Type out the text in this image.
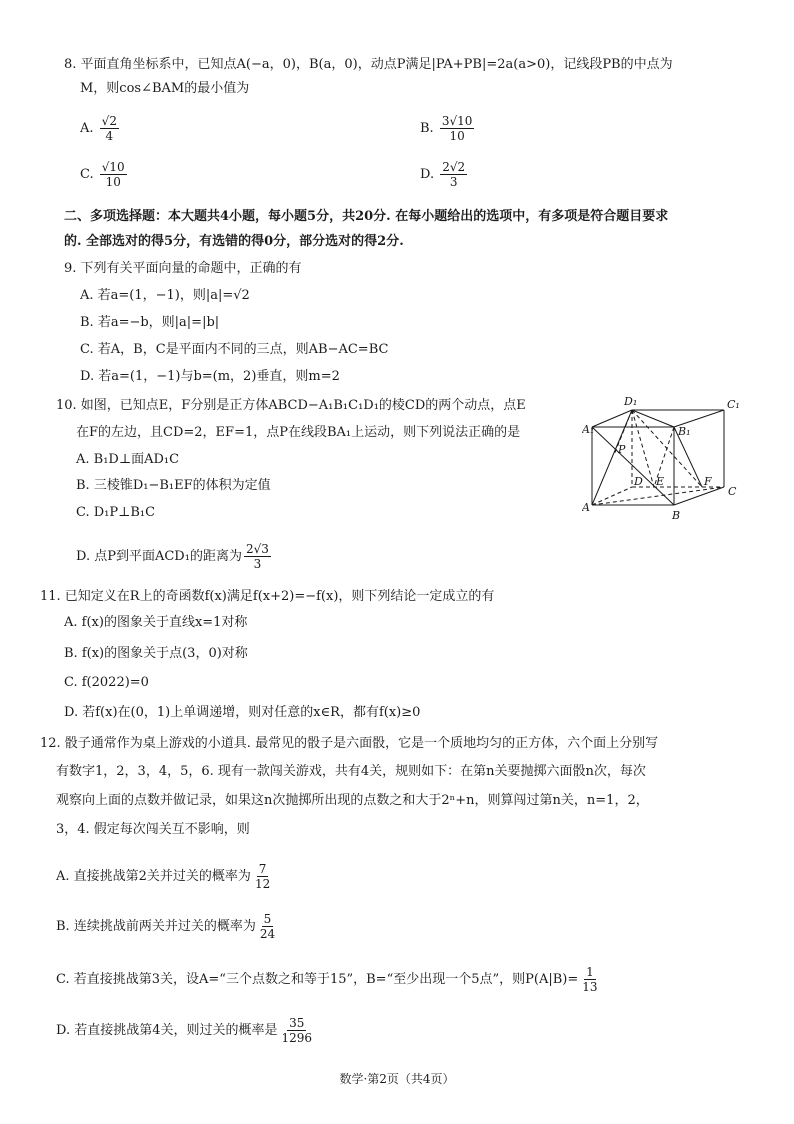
8. 平面直角坐标系中，已知点A(−a，0)，B(a，0)，动点P满足|PA+PB|=2a(a>0)，记线段PB的中点为
M，则cos∠BAM的最小值为
A. $\frac{√2}{4}$	B. $\frac{3√10}{10}$
C. $\frac{√10}{10}$	D. $\frac{2√2}{3}$
二、多项选择题：本大题共4小题，每小题5分，共20分. 在每小题给出的选项中，有多项是符合题目要求
的. 全部选对的得5分，有选错的得0分，部分选对的得2分.
9. 下列有关平面向量的命题中，正确的有
A. 若a=(1，−1)，则|a|=√2
B. 若a=−b，则|a|=|b|
C. 若A，B，C是平面内不同的三点，则AB−AC=BC
D. 若a=(1，−1)与b=(m，2)垂直，则m=2
10. 如图，已知点E，F分别是正方体ABCD−A₁B₁C₁D₁的棱CD的两个动点，点E
在F的左边，且CD=2，EF=1，点P在线段BA₁上运动，则下列说法正确的是
A. B₁D⊥面AD₁C
B. 三棱锥D₁−B₁EF的体积为定值
C. D₁P⊥B₁C
D. 点P到平面ACD₁的距离为 $\frac{2√3}{3}$
D₁	C₁
A₁	B₁
P
D E	F
C
A
B
11. 已知定义在R上的奇函数f(x)满足f(x+2)=−f(x)，则下列结论一定成立的有
A. f(x)的图象关于直线x=1对称
B. f(x)的图象关于点(3，0)对称
C. f(2022)=0
D. 若f(x)在(0，1)上单调递增，则对任意的x∈R，都有f(x)≥0
12. 骰子通常作为桌上游戏的小道具. 最常见的骰子是六面骰，它是一个质地均匀的正方体，六个面上分别写
有数字1，2，3，4，5，6. 现有一款闯关游戏，共有4关，规则如下：在第n关要抛掷六面骰n次，每次
观察向上面的点数并做记录，如果这n次抛掷所出现的点数之和大于2ⁿ+n，则算闯过第n关，n=1，2，
3，4. 假定每次闯关互不影响，则
A. 直接挑战第2关并过关的概率为 $\frac{7}{12}$
B. 连续挑战前两关并过关的概率为 $\frac{5}{24}$
C. 若直接挑战第3关，设A=“三个点数之和等于15”，B=“至少出现一个5点”，则$P(A|B)= \frac{1}{13}$
D. 若直接挑战第4关，则过关的概率是 $\frac{35}{1296}$
数学·第2页（共4页）
